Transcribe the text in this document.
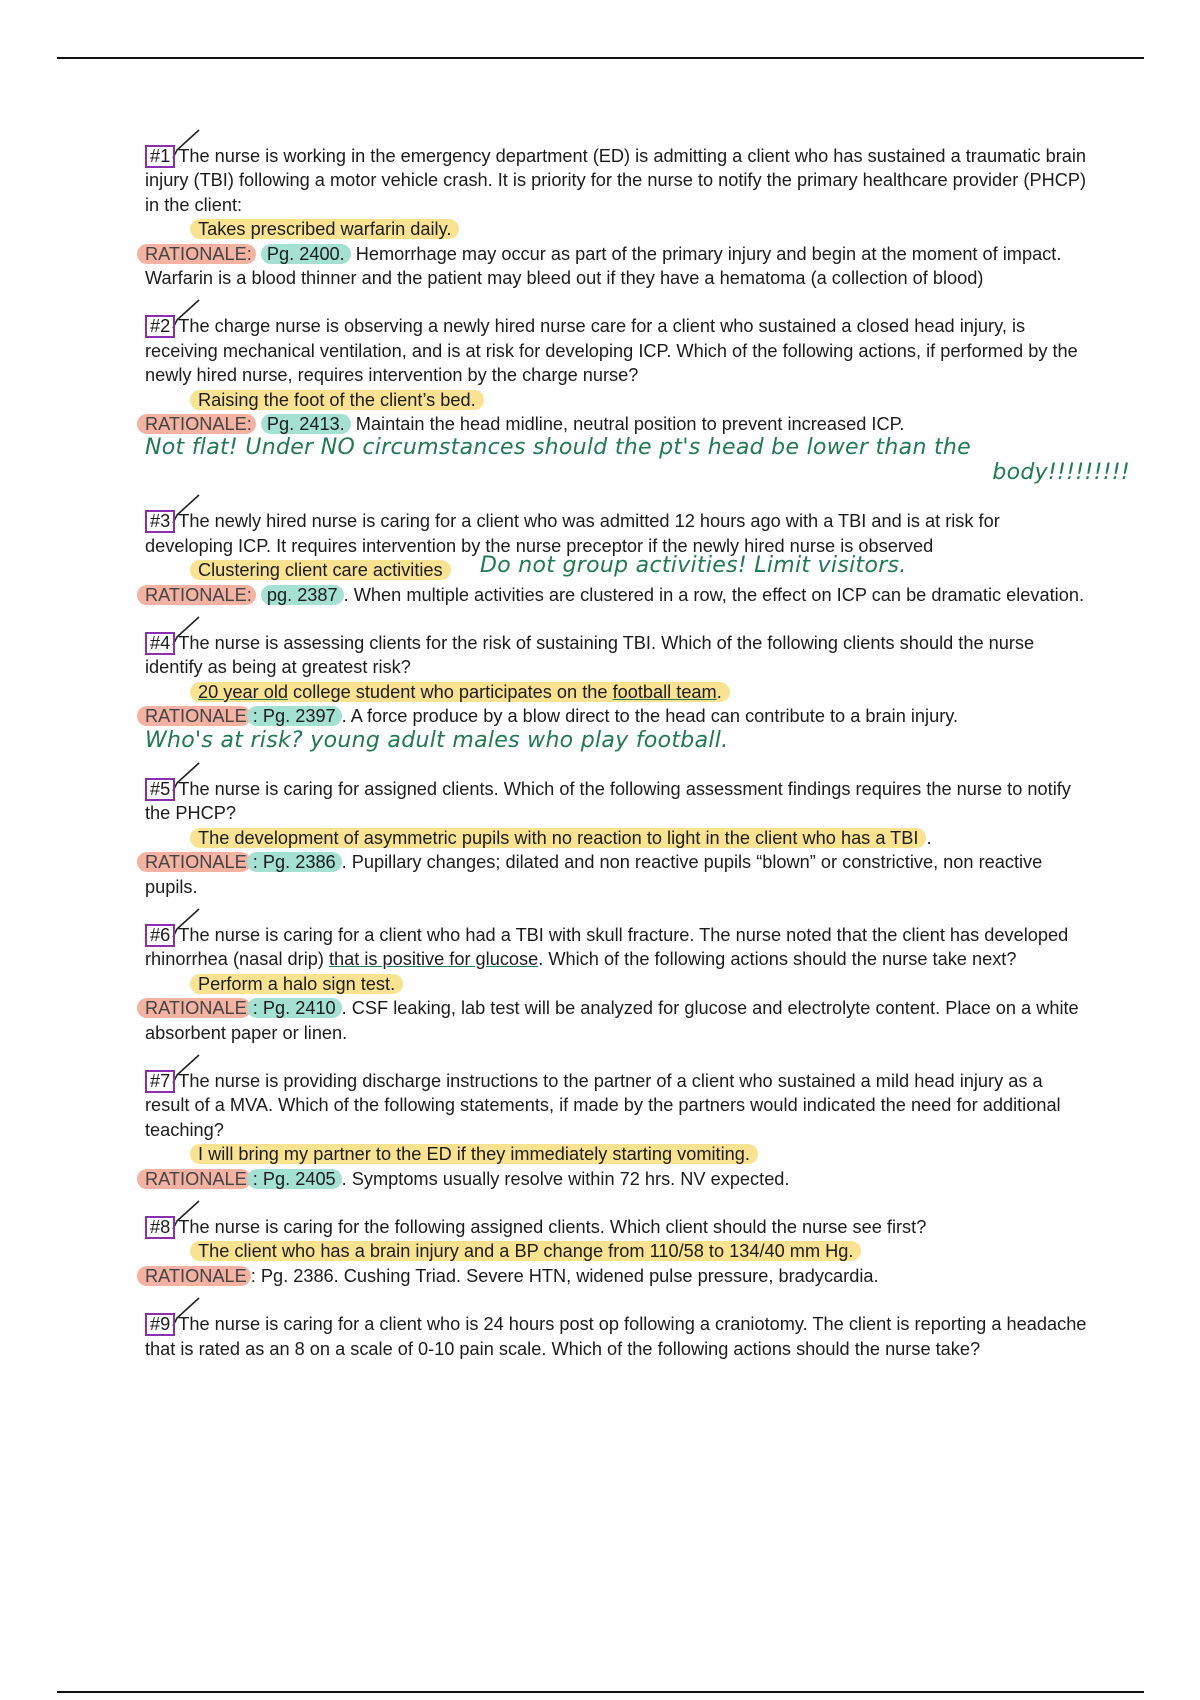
#1 The nurse is working in the emergency department (ED) is admitting a client who has sustained a traumatic brain injury (TBI) following a motor vehicle crash. It is priority for the nurse to notify the primary healthcare provider (PHCP) in the client:

Takes prescribed warfarin daily.
RATIONALE: Pg. 2400. Hemorrhage may occur as part of the primary injury and begin at the moment of impact. Warfarin is a blood thinner and the patient may bleed out if they have a hematoma (a collection of blood)

#2 The charge nurse is observing a newly hired nurse care for a client who sustained a closed head injury, is receiving mechanical ventilation, and is at risk for developing ICP. Which of the following actions, if performed by the newly hired nurse, requires intervention by the charge nurse?

Raising the foot of the client’s bed.
RATIONALE: Pg. 2413. Maintain the head midline, neutral position to prevent increased ICP.
Not flat! Under NO circumstances should the pt's head be lower than the
body!!!!!!!!!

#3 The newly hired nurse is caring for a client who was admitted 12 hours ago with a TBI and is at risk for developing ICP. It requires intervention by the nurse preceptor if the newly hired nurse is observed

Clustering client care activities Do not group activities! Limit visitors.
RATIONALE: pg. 2387 . When multiple activities are clustered in a row, the effect on ICP can be dramatic elevation.

#4 The nurse is assessing clients for the risk of sustaining TBI. Which of the following clients should the nurse identify as being at greatest risk?

20 year old college student who participates on the football team.
RATIONALE : Pg. 2397 . A force produce by a blow direct to the head can contribute to a brain injury.
Who's at risk? young adult males who play football.

#5 The nurse is caring for assigned clients. Which of the following assessment findings requires the nurse to notify the PHCP?

The development of asymmetric pupils with no reaction to light in the client who has a TBI .
RATIONALE : Pg. 2386 . Pupillary changes; dilated and non reactive pupils “blown” or constrictive, non reactive pupils.

#6 The nurse is caring for a client who had a TBI with skull fracture. The nurse noted that the client has developed rhinorrhea (nasal drip) that is positive for glucose. Which of the following actions should the nurse take next?

Perform a halo sign test.
RATIONALE : Pg. 2410 . CSF leaking, lab test will be analyzed for glucose and electrolyte content. Place on a white absorbent paper or linen.

#7 The nurse is providing discharge instructions to the partner of a client who sustained a mild head injury as a result of a MVA. Which of the following statements, if made by the partners would indicated the need for additional teaching?

I will bring my partner to the ED if they immediately starting vomiting.
RATIONALE : Pg. 2405 . Symptoms usually resolve within 72 hrs. NV expected.

#8 The nurse is caring for the following assigned clients. Which client should the nurse see first?

The client who has a brain injury and a BP change from 110/58 to 134/40 mm Hg.
RATIONALE : Pg. 2386. Cushing Triad. Severe HTN, widened pulse pressure, bradycardia.

#9 The nurse is caring for a client who is 24 hours post op following a craniotomy. The client is reporting a headache that is rated as an 8 on a scale of 0-10 pain scale. Which of the following actions should the nurse take?
